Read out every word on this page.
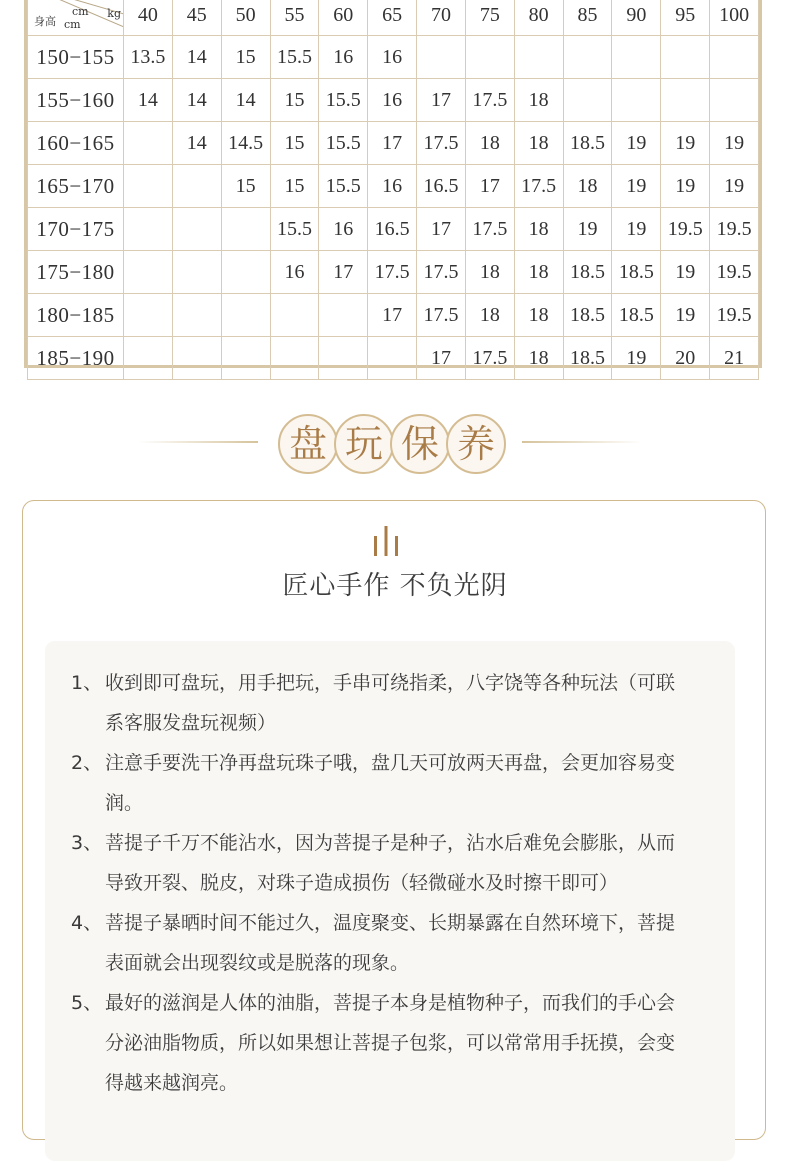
kg
cm
身高 cm	40	45	50	55	60	65	70	75	80	85	90	95	100
150−155	13.5	14	15	15.5	16	16							
155−160	14	14	14	15	15.5	16	17	17.5	18				
160−165		14	14.5	15	15.5	17	17.5	18	18	18.5	19	19	19
165−170			15	15	15.5	16	16.5	17	17.5	18	19	19	19
170−175				15.5	16	16.5	17	17.5	18	19	19	19.5	19.5
175−180				16	17	17.5	17.5	18	18	18.5	18.5	19	19.5
180−185						17	17.5	18	18	18.5	18.5	19	19.5
185−190							17	17.5	18	18.5	19	20	21
盘 玩 保 养
匠心手作 不负光阴
1、 收到即可盘玩，用手把玩，手串可绕指柔，八字饶等各种玩法（可联系客服发盘玩视频）
2、 注意手要洗干净再盘玩珠子哦，盘几天可放两天再盘，会更加容易变润。
3、 菩提子千万不能沾水，因为菩提子是种子，沾水后难免会膨胀，从而导致开裂、脱皮，对珠子造成损伤（轻微碰水及时擦干即可）
4、 菩提子暴晒时间不能过久，温度聚变、长期暴露在自然环境下，菩提表面就会出现裂纹或是脱落的现象。
5、 最好的滋润是人体的油脂，菩提子本身是植物种子，而我们的手心会分泌油脂物质，所以如果想让菩提子包浆，可以常常用手抚摸，会变得越来越润亮。
